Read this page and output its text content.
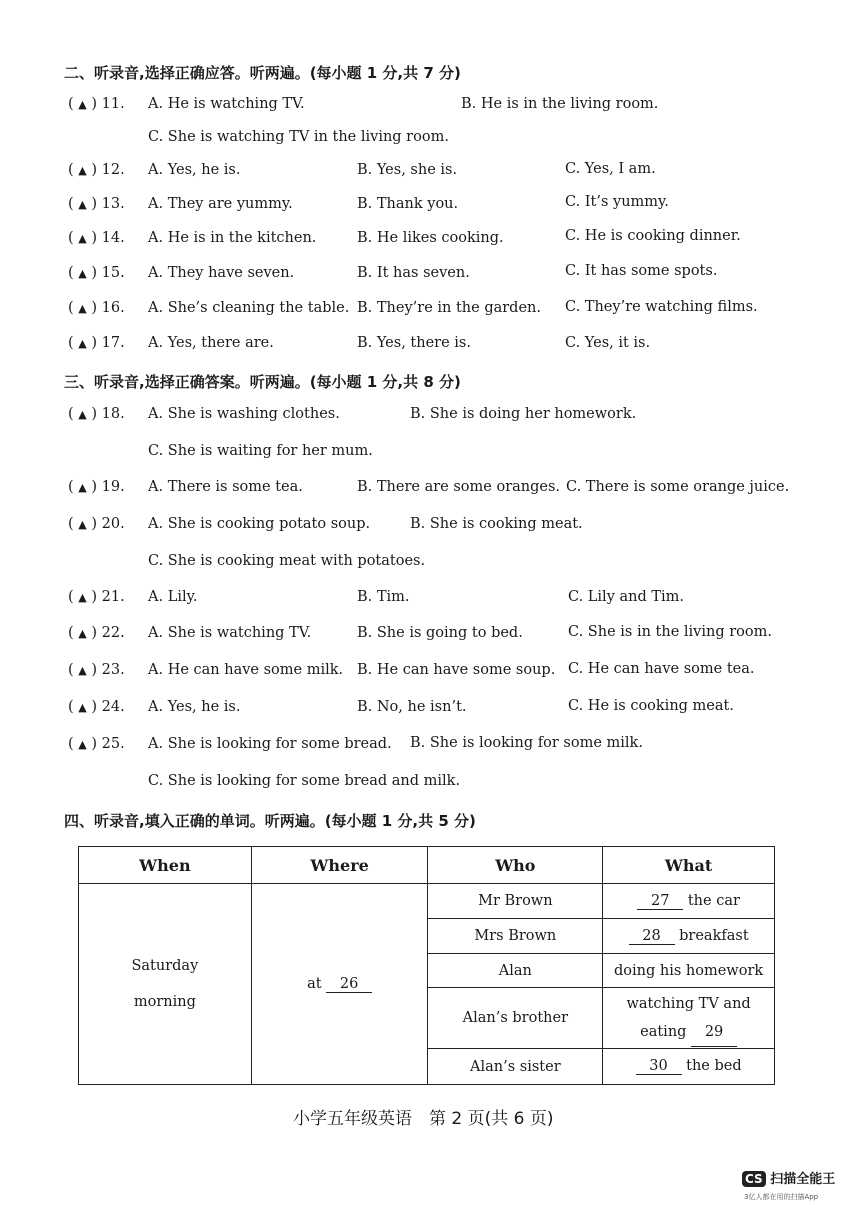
二、听录音,选择正确应答。听两遍。(每小题 1 分,共 7 分)
( ▲ ) 11. A. He is watching TV.	B. He is in the living room.
C. She is watching TV in the living room.
( ▲ ) 12. A. Yes, he is.	B. Yes, she is.	C. Yes, I am.
( ▲ ) 13. A. They are yummy.	B. Thank you.	C. It’s yummy.
( ▲ ) 14. A. He is in the kitchen.	B. He likes cooking.	C. He is cooking dinner.
( ▲ ) 15. A. They have seven.	B. It has seven.	C. It has some spots.
( ▲ ) 16. A. She’s cleaning the table. B. They’re in the garden. C. They’re watching films.
( ▲ ) 17. A. Yes, there are.	B. Yes, there is.	C. Yes, it is.
三、听录音,选择正确答案。听两遍。(每小题 1 分,共 8 分)
( ▲ ) 18. A. She is washing clothes.	B. She is doing her homework.
C. She is waiting for her mum.
( ▲ ) 19. A. There is some tea.	B. There are some oranges. C. There is some orange juice.
( ▲ ) 20. A. She is cooking potato soup.	B. She is cooking meat.
C. She is cooking meat with potatoes.
( ▲ ) 21. A. Lily.	B. Tim.	C. Lily and Tim.
( ▲ ) 22. A. She is watching TV.	B. She is going to bed.	C. She is in the living room.
( ▲ ) 23. A. He can have some milk. B. He can have some soup. C. He can have some tea.
( ▲ ) 24. A. Yes, he is.	B. No, he isn’t.	C. He is cooking meat.
( ▲ ) 25. A. She is looking for some bread. B. She is looking for some milk.
C. She is looking for some bread and milk.
四、听录音,填入正确的单词。听两遍。(每小题 1 分,共 5 分)
When	Where	Who	What

Saturday
morning	at 26	Mr Brown	27 the car
		Mrs Brown	28 breakfast
		Alan	doing his homework
		Alan’s brother	watching TV and
eating 29

		Alan’s sister	30 the bed
小学五年级英语　第 2 页(共 6 页)
CS 扫描全能王
3亿人都在用的扫描App
